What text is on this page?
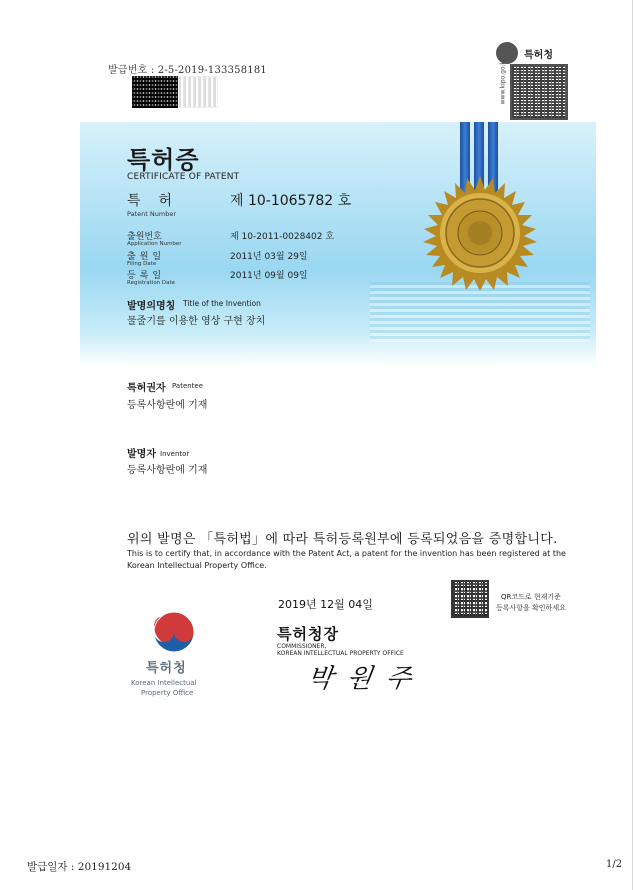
발급번호 : 2-5-2019-133358181
특허청
www.kipo.go.kr
특허증
CERTIFICATE OF PATENT
특허	제 10-1065782 호
Patent Number
출원번호
Application Number
제 10-2011-0028402 호
출원일
Filing Date
2011년 03월 29일
등록일
Registration Date
2011년 09월 09일
발명의명칭 Title of the Invention
물줄기를 이용한 영상 구현 장치
특허권자 Patentee
등록사항란에 기재
발명자 Inventor
등록사항란에 기재
위의 발명은 「특허법」에 따라 특허등록원부에 등록되었음을 증명합니다.
This is to certify that, in accordance with the Patent Act, a patent for the invention has been registered at the Korean Intellectual Property Office.
2019년 12월 04일
QR코드로 현재기준
등록사항을 확인하세요
특허청장
COMMISSIONER,
KOREAN INTELLECTUAL PROPERTY OFFICE
박원주
특허청
Korean Intellectual
Property Office
발급일자 : 20191204	1/2
